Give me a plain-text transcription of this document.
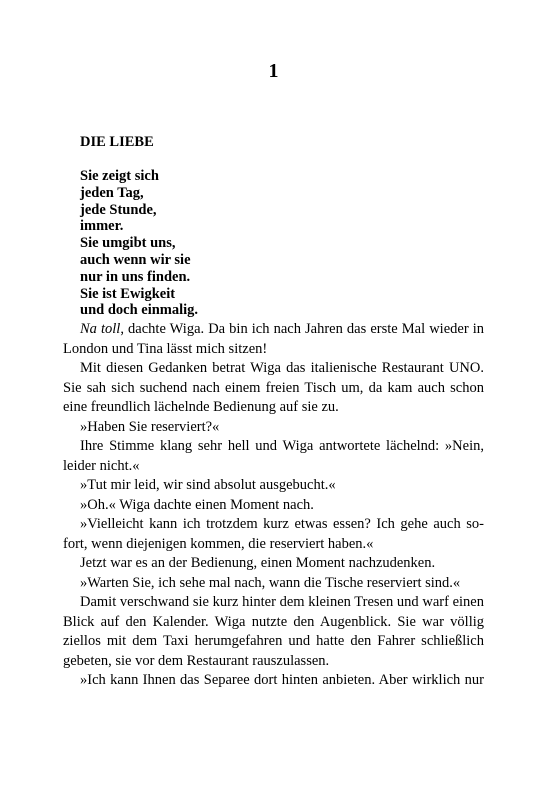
1
DIE LIEBE
Sie zeigt sich
jeden Tag,
jede Stunde,
immer.
Sie umgibt uns,
auch wenn wir sie
nur in uns finden.
Sie ist Ewigkeit
und doch einmalig.

Na toll, dachte Wiga. Da bin ich nach Jahren das erste Mal wieder in London und Tina lässt mich sitzen!

Mit diesen Gedanken betrat Wiga das italienische Restaurant UNO. Sie sah sich suchend nach einem freien Tisch um, da kam auch schon eine freundlich lächelnde Bedienung auf sie zu.

»Haben Sie reserviert?«

Ihre Stimme klang sehr hell und Wiga antwortete lächelnd: »Nein, leider nicht.«

»Tut mir leid, wir sind absolut ausgebucht.«

»Oh.« Wiga dachte einen Moment nach.

»Vielleicht kann ich trotzdem kurz etwas essen? Ich gehe auch sofort, wenn diejenigen kommen, die reserviert haben.«

Jetzt war es an der Bedienung, einen Moment nachzudenken.

»Warten Sie, ich sehe mal nach, wann die Tische reserviert sind.«

Damit verschwand sie kurz hinter dem kleinen Tresen und warf einen Blick auf den Kalender. Wiga nutzte den Augenblick. Sie war völlig ziellos mit dem Taxi herumgefahren und hatte den Fahrer schließlich gebeten, sie vor dem Restaurant rauszulassen.

»Ich kann Ihnen das Separee dort hinten anbieten. Aber wirklich nur
